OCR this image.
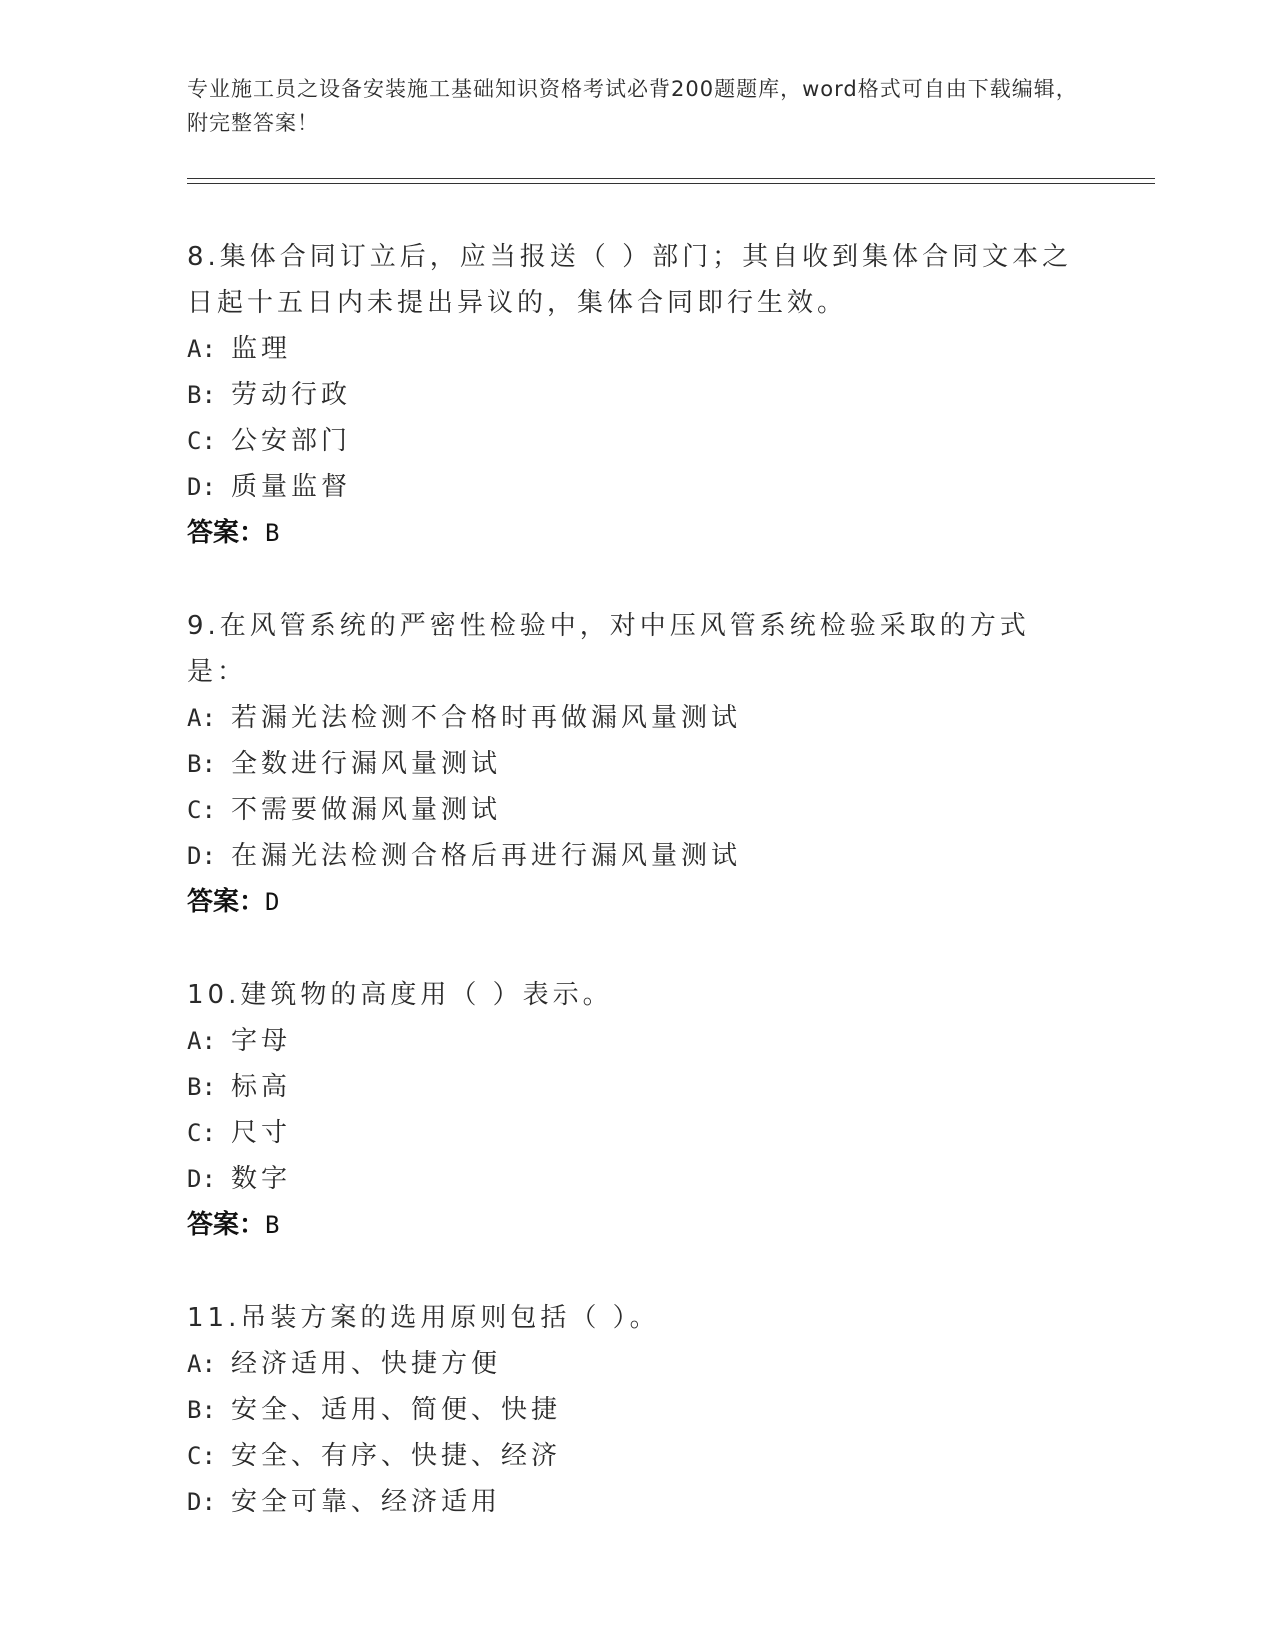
专业施工员之设备安装施工基础知识资格考试必背200题题库，word格式可自由下载编辑，附完整答案！

8.集体合同订立后，应当报送（ ）部门；其自收到集体合同文本之日起十五日内未提出异议的，集体合同即行生效。

A: 监理

B: 劳动行政

C: 公安部门

D: 质量监督

答案：B

9.在风管系统的严密性检验中，对中压风管系统检验采取的方式是：

A: 若漏光法检测不合格时再做漏风量测试

B: 全数进行漏风量测试

C: 不需要做漏风量测试

D: 在漏光法检测合格后再进行漏风量测试

答案：D

10.建筑物的高度用（ ）表示。

A: 字母

B: 标高

C: 尺寸

D: 数字

答案：B

11.吊装方案的选用原则包括（ ）。

A: 经济适用、快捷方便

B: 安全、适用、简便、快捷

C: 安全、有序、快捷、经济

D: 安全可靠、经济适用
